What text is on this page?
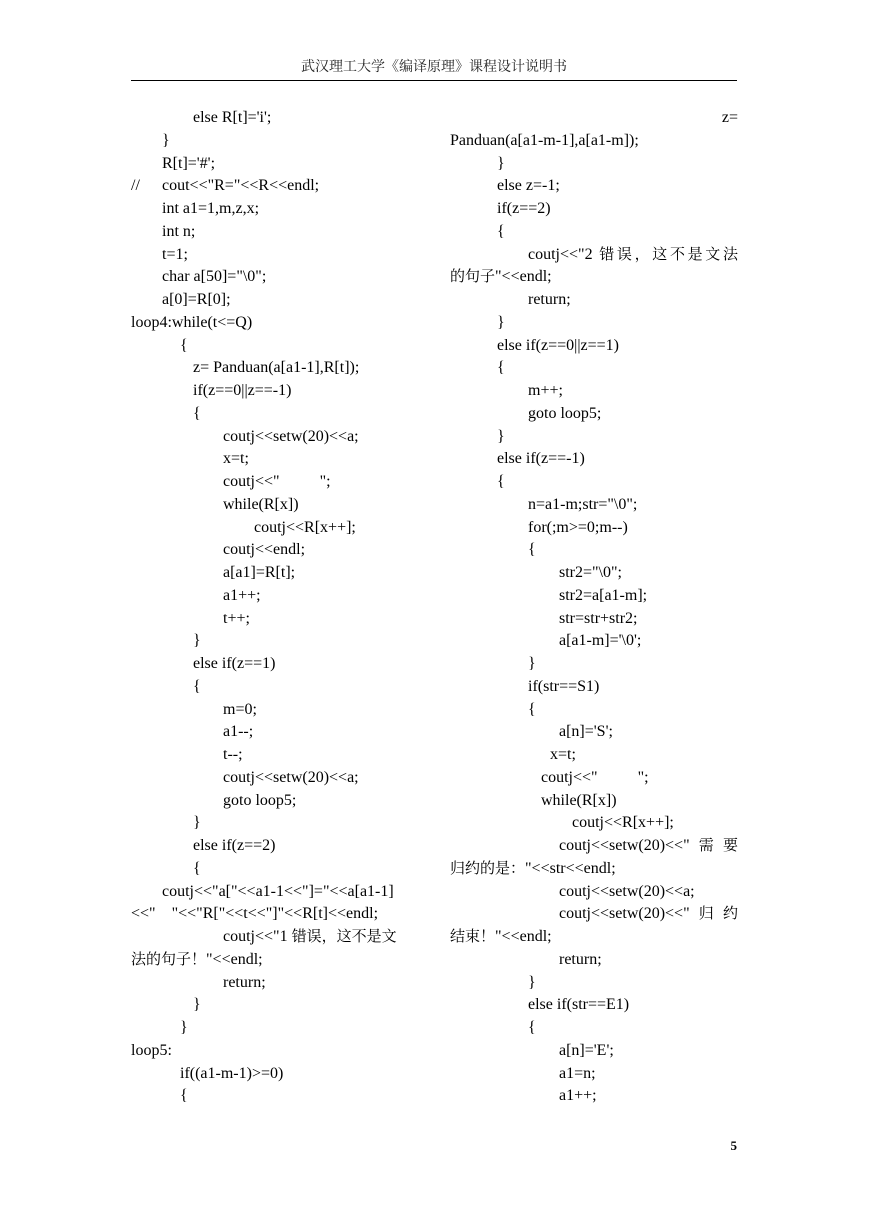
武汉理工大学《编译原理》课程设计说明书
else R[t]='i';
}
R[t]='#';
// cout<<"R="<<R<<endl;
int a1=1,m,z,x;
int n;
t=1;
char a[50]="\0";
a[0]=R[0];
loop4:while(t<=Q)
{
z= Panduan(a[a1-1],R[t]);
if(z==0||z==-1)
{
coutj<<setw(20)<<a;
x=t;
coutj<<"          ";
while(R[x])
coutj<<R[x++];
coutj<<endl;
a[a1]=R[t];
a1++;
t++;
}
else if(z==1)
{
m=0;
a1--;
t--;
coutj<<setw(20)<<a;
goto loop5;
}
else if(z==2)
{
coutj<<"a["<<a1-1<<"]="<<a[a1-1]
<<"    "<<"R["<<t<<"]"<<R[t]<<endl;
coutj<<"1 错误，这不是文
法的句子！"<<endl;
return;
}
}
loop5:
if((a1-m-1)>=0)
{
z=
Panduan(a[a1-m-1],a[a1-m]);
}
else z=-1;
if(z==2)
{
coutj<<"2 错误，这不是文法
的句子"<<endl;
return;
}
else if(z==0||z==1)
{
m++;
goto loop5;
}
else if(z==-1)
{
n=a1-m;str="\0";
for(;m>=0;m--)
{
str2="\0";
str2=a[a1-m];
str=str+str2;
a[a1-m]='\0';
}
if(str==S1)
{
a[n]='S';
x=t;
coutj<<"          ";
while(R[x])
coutj<<R[x++];
coutj<<setw(20)<<"需要
归约的是："<<str<<endl;
coutj<<setw(20)<<a;
coutj<<setw(20)<<"归约
结束！"<<endl;
return;
}
else if(str==E1)
{
a[n]='E';
a1=n;
a1++;
5
